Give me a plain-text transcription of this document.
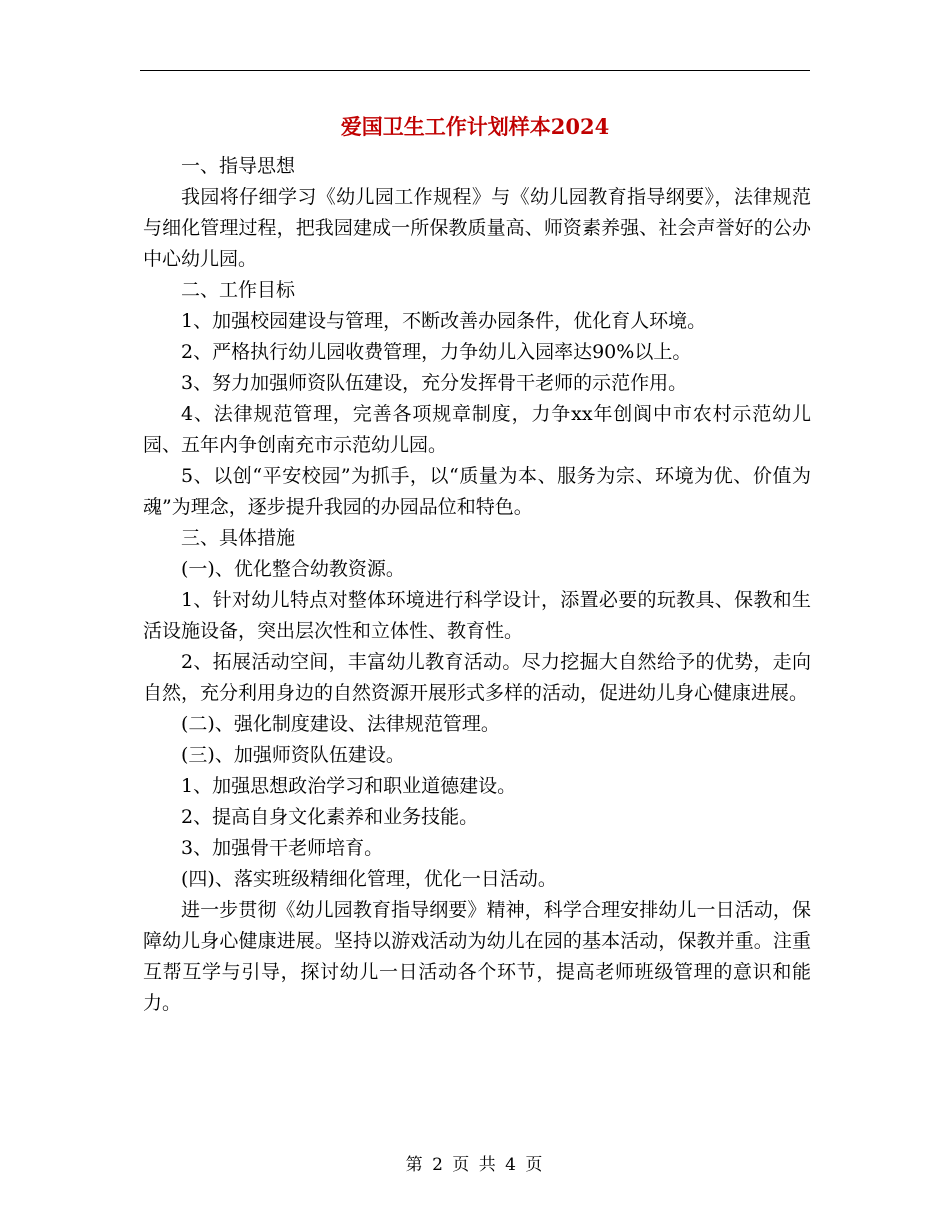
爱国卫生工作计划样本2024

一、指导思想

我园将仔细学习《幼儿园工作规程》与《幼儿园教育指导纲要》，法律规范与细化管理过程，把我园建成一所保教质量高、师资素养强、社会声誉好的公办中心幼儿园。

二、工作目标

1、加强校园建设与管理，不断改善办园条件，优化育人环境。

2、严格执行幼儿园收费管理，力争幼儿入园率达90%以上。

3、努力加强师资队伍建设，充分发挥骨干老师的示范作用。

4、法律规范管理，完善各项规章制度，力争xx年创阆中市农村示范幼儿园、五年内争创南充市示范幼儿园。

5、以创“平安校园”为抓手，以“质量为本、服务为宗、环境为优、价值为魂”为理念，逐步提升我园的办园品位和特色。

三、具体措施

(一)、优化整合幼教资源。

1、针对幼儿特点对整体环境进行科学设计，添置必要的玩教具、保教和生活设施设备，突出层次性和立体性、教育性。

2、拓展活动空间，丰富幼儿教育活动。尽力挖掘大自然给予的优势，走向自然，充分利用身边的自然资源开展形式多样的活动，促进幼儿身心健康进展。

(二)、强化制度建设、法律规范管理。

(三)、加强师资队伍建设。

1、加强思想政治学习和职业道德建设。

2、提高自身文化素养和业务技能。

3、加强骨干老师培育。

(四)、落实班级精细化管理，优化一日活动。

进一步贯彻《幼儿园教育指导纲要》精神，科学合理安排幼儿一日活动，保障幼儿身心健康进展。坚持以游戏活动为幼儿在园的基本活动，保教并重。注重互帮互学与引导，探讨幼儿一日活动各个环节，提高老师班级管理的意识和能力。

第 2 页 共 4 页
